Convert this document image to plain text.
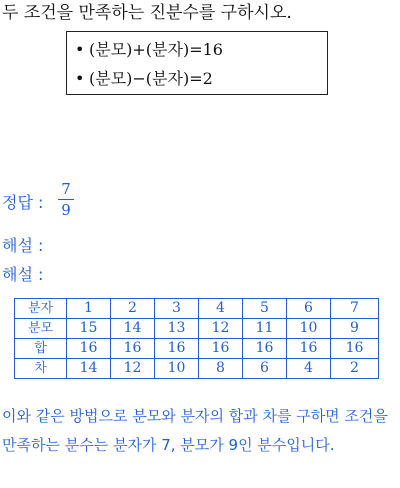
두 조건을 만족하는 진분수를 구하시오.
• (분모)+(분자)=16
• (분모)−(분자)=2
정답 :
7
9
해설 :
해설 :
분자	1	2	3	4	5	6	7
분모	15	14	13	12	11	10	9
합	16	16	16	16	16	16	16
차	14	12	10	8	6	4	2
이와 같은 방법으로 분모와 분자의 합과 차를 구하면 조건을 만족하는 분수는 분자가 7, 분모가 9인 분수입니다.
